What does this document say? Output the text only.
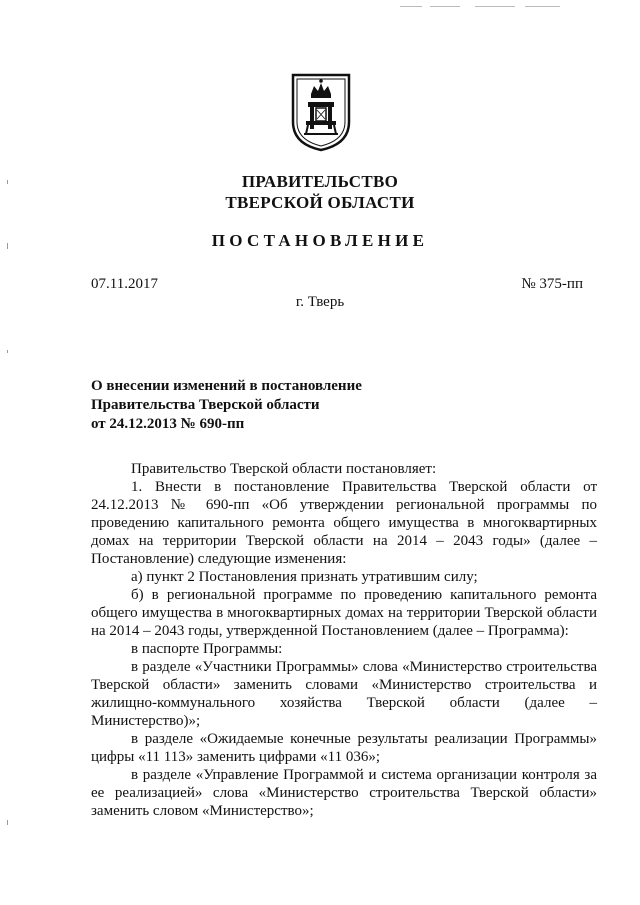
ПРАВИТЕЛЬСТВО
ТВЕРСКОЙ ОБЛАСТИ
ПОСТАНОВЛЕНИЕ
07.11.2017	№ 375-пп
г. Тверь
О внесении изменений в постановление
Правительства Тверской области
от 24.12.2013 № 690-пп

Правительство Тверской области постановляет:

1. Внести в постановление Правительства Тверской области от 24.12.2013 № 690-пп «Об утверждении региональной программы по проведению капитального ремонта общего имущества в многоквартирных домах на территории Тверской области на 2014 – 2043 годы» (далее – Постановление) следующие изменения:

а) пункт 2 Постановления признать утратившим силу;

б) в региональной программе по проведению капитального ремонта общего имущества в многоквартирных домах на территории Тверской области на 2014 – 2043 годы, утвержденной Постановлением (далее – Программа):

в паспорте Программы:

в разделе «Участники Программы» слова «Министерство строительства Тверской области» заменить словами «Министерство строительства и жилищно-коммунального хозяйства Тверской области (далее – Министерство)»;

в разделе «Ожидаемые конечные результаты реализации Программы» цифры «11 113» заменить цифрами «11 036»;

в разделе «Управление Программой и система организации контроля за ее реализацией» слова «Министерство строительства Тверской области» заменить словом «Министерство»;
